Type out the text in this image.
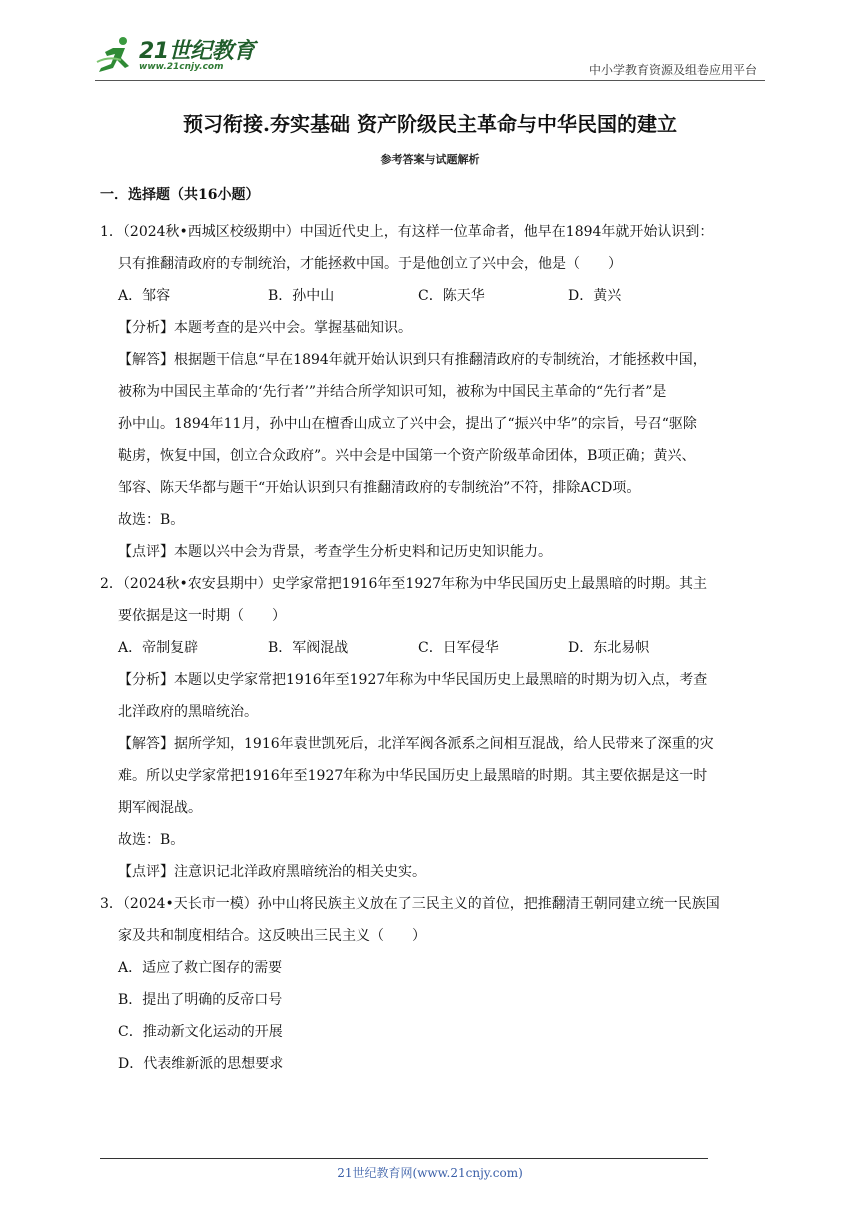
21世纪教育
www.21cnjy.com	中小学教育资源及组卷应用平台
预习衔接.夯实基础 资产阶级民主革命与中华民国的建立
参考答案与试题解析
一．选择题（共16小题）
1．（2024秋•西城区校级期中）中国近代史上，有这样一位革命者，他早在1894年就开始认识到：
只有推翻清政府的专制统治，才能拯救中国。于是他创立了兴中会，他是（　　）
A．邹容	B．孙中山	C．陈天华	D．黄兴
【分析】本题考查的是兴中会。掌握基础知识。
【解答】根据题干信息“早在1894年就开始认识到只有推翻清政府的专制统治，才能拯救中国，
被称为中国民主革命的‘先行者’”并结合所学知识可知，被称为中国民主革命的“先行者”是
孙中山。1894年11月，孙中山在檀香山成立了兴中会，提出了“振兴中华”的宗旨，号召“驱除
鞑虏，恢复中国，创立合众政府”。兴中会是中国第一个资产阶级革命团体，B项正确；黄兴、
邹容、陈天华都与题干“开始认识到只有推翻清政府的专制统治”不符，排除ACD项。
故选：B。
【点评】本题以兴中会为背景，考查学生分析史料和记历史知识能力。
2．（2024秋•农安县期中）史学家常把1916年至1927年称为中华民国历史上最黑暗的时期。其主
要依据是这一时期（　　）
A．帝制复辟	B．军阀混战	C．日军侵华	D．东北易帜
【分析】本题以史学家常把1916年至1927年称为中华民国历史上最黑暗的时期为切入点，考查
北洋政府的黑暗统治。
【解答】据所学知，1916年袁世凯死后，北洋军阀各派系之间相互混战，给人民带来了深重的灾
难。所以史学家常把1916年至1927年称为中华民国历史上最黑暗的时期。其主要依据是这一时
期军阀混战。
故选：B。
【点评】注意识记北洋政府黑暗统治的相关史实。
3．（2024•天长市一模）孙中山将民族主义放在了三民主义的首位，把推翻清王朝同建立统一民族国
家及共和制度相结合。这反映出三民主义（　　）
A．适应了救亡图存的需要
B．提出了明确的反帝口号
C．推动新文化运动的开展
D．代表维新派的思想要求
21世纪教育网(www.21cnjy.com)
